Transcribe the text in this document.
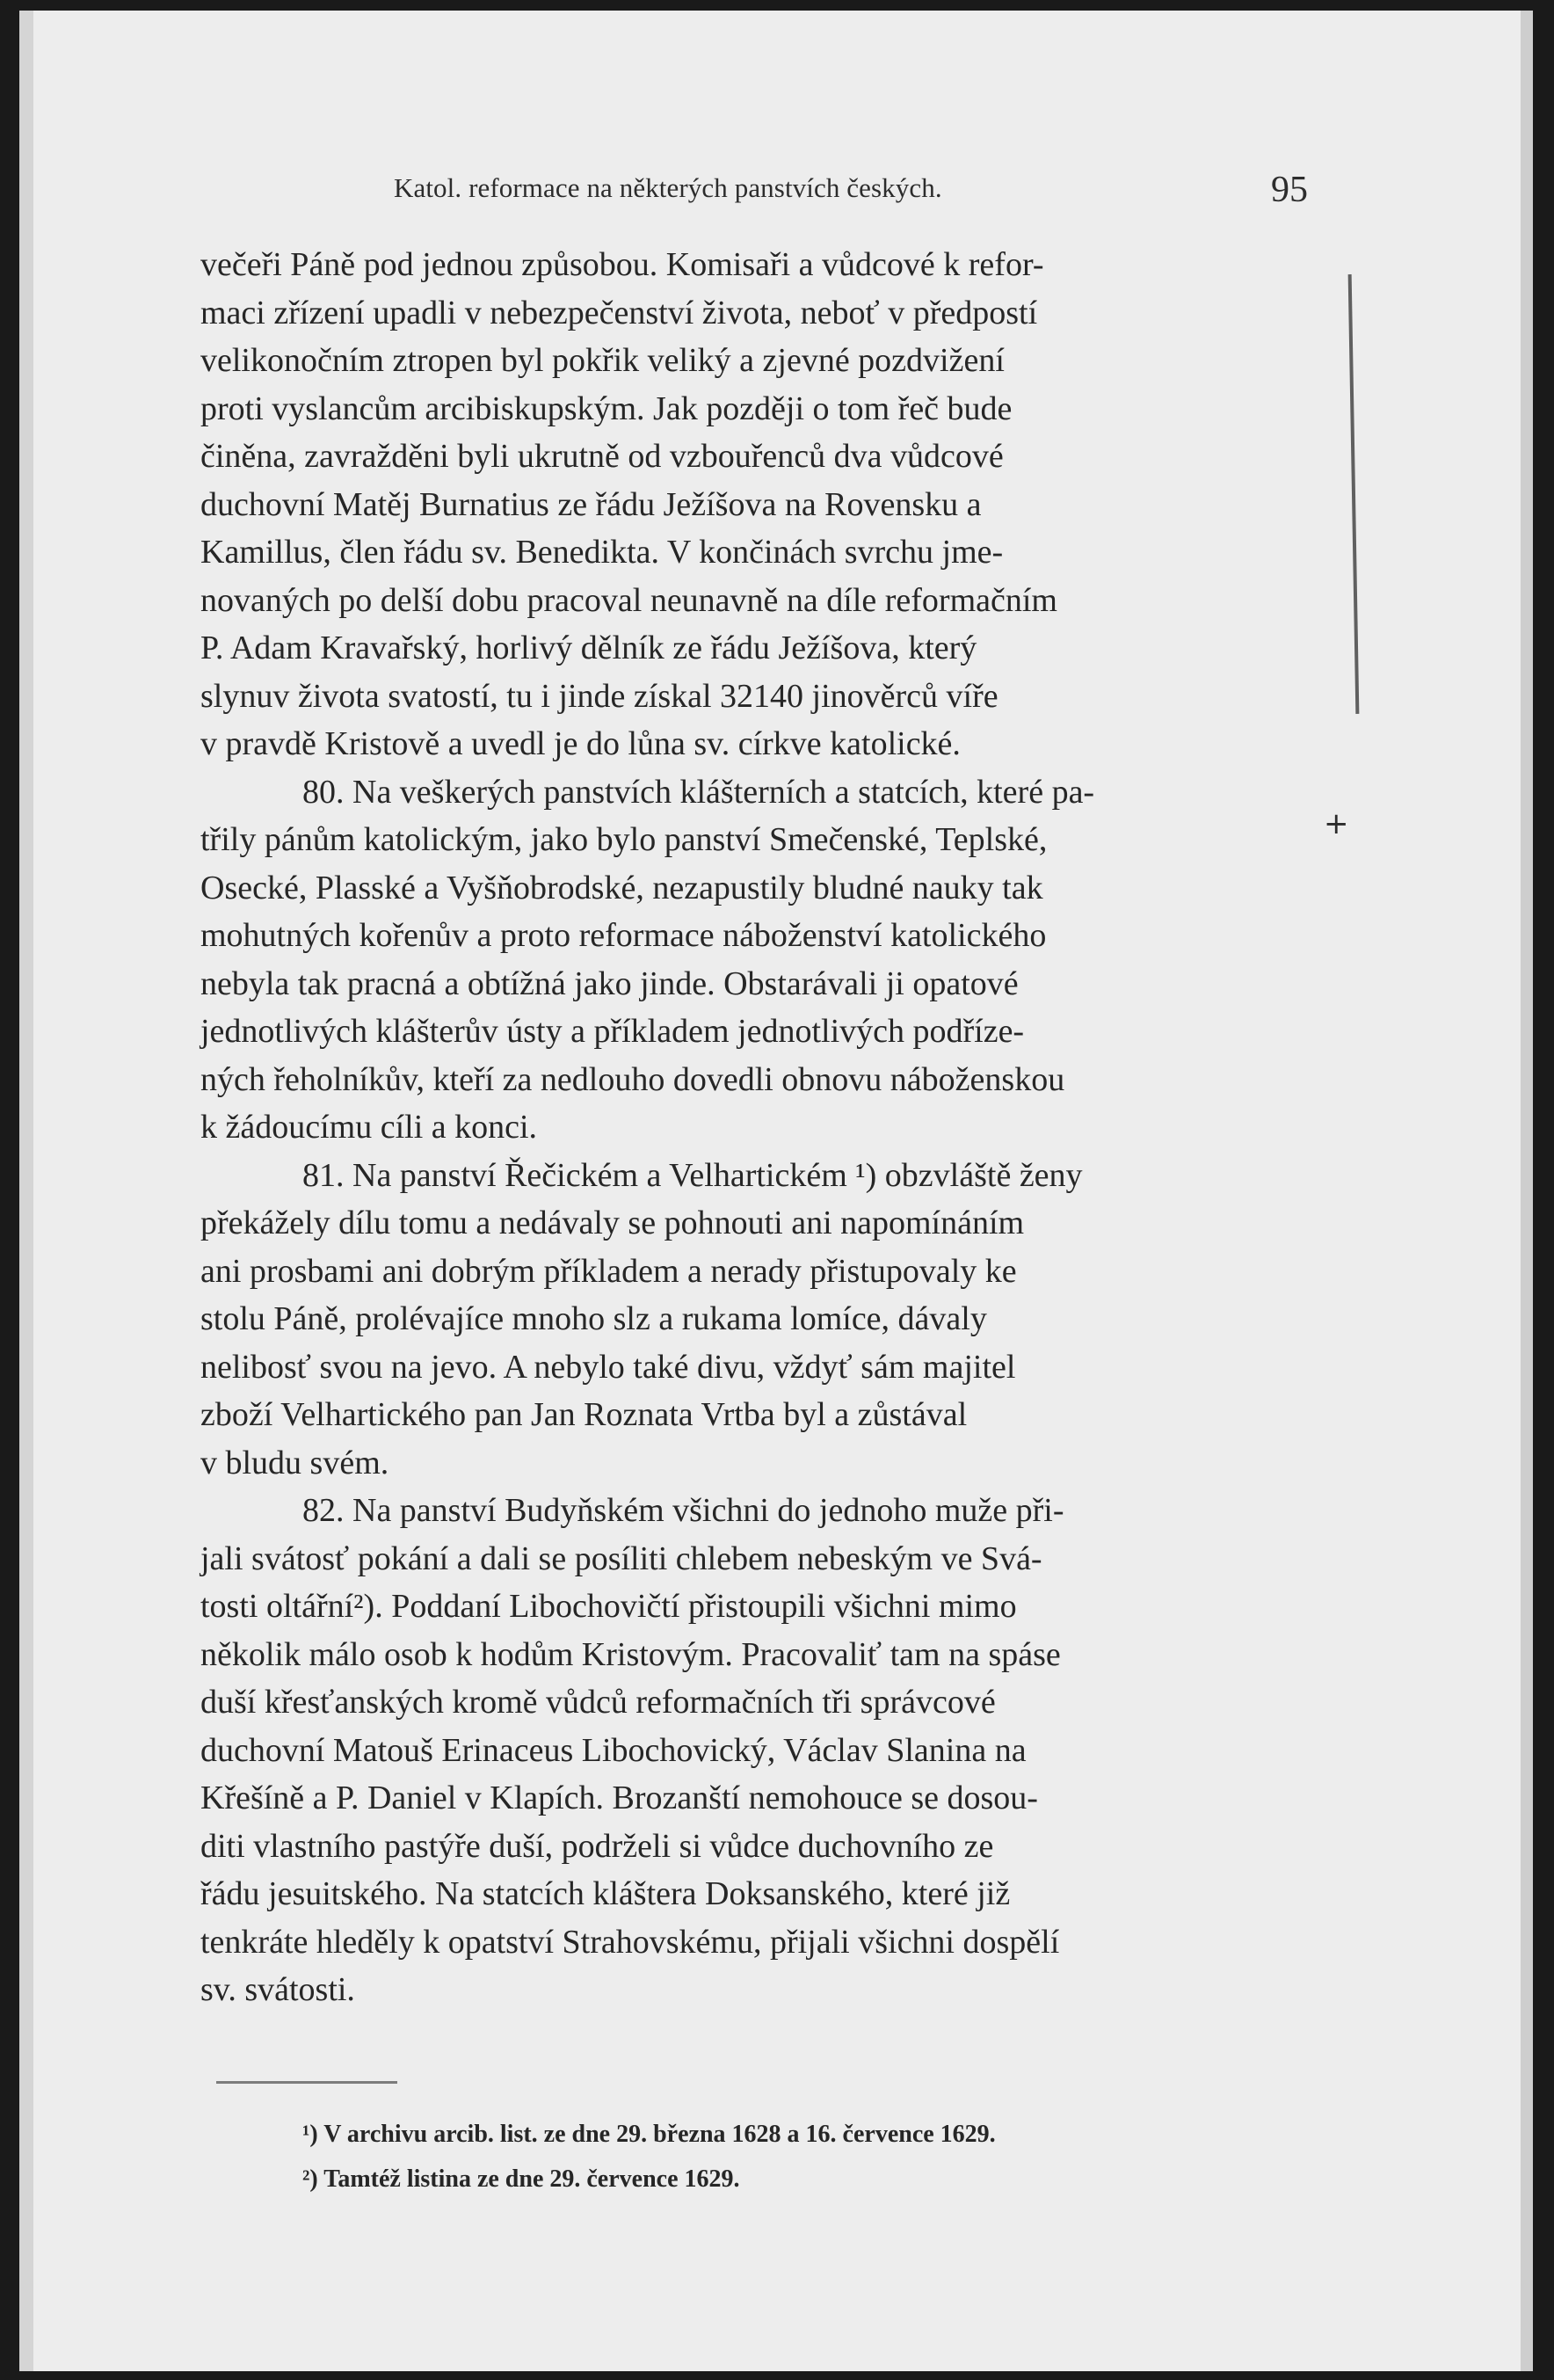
Katol. reformace na některých panstvích českých.	95
večeři Páně pod jednou způsobou. Komisaři a vůdcové k refor-
maci zřízení upadli v nebezpečenství života, neboť v předpostí
velikonočním ztropen byl pokřik veliký a zjevné pozdvižení
proti vyslancům arcibiskupským. Jak později o tom řeč bude
činěna, zavražděni byli ukrutně od vzbouřenců dva vůdcové
duchovní Matěj Burnatius ze řádu Ježíšova na Rovensku a
Kamillus, člen řádu sv. Benedikta. V končinách svrchu jme-
novaných po delší dobu pracoval neunavně na díle reformačním
P. Adam Kravařský, horlivý dělník ze řádu Ježíšova, který
slynuv života svatostí, tu i jinde získal 32140 jinověrců víře
v pravdě Kristově a uvedl je do lůna sv. církve katolické.
80. Na veškerých panstvích klášterních a statcích, které pa-
třily pánům katolickým, jako bylo panství Smečenské, Teplské,
Osecké, Plasské a Vyšňobrodské, nezapustily bludné nauky tak
mohutných kořenův a proto reformace náboženství katolického
nebyla tak pracná a obtížná jako jinde. Obstarávali ji opatové
jednotlivých klášterův ústy a příkladem jednotlivých podříze-
ných řeholníkův, kteří za nedlouho dovedli obnovu náboženskou
k žádoucímu cíli a konci.
81. Na panství Řečickém a Velhartickém ¹) obzvláště ženy
překážely dílu tomu a nedávaly se pohnouti ani napomínáním
ani prosbami ani dobrým příkladem a nerady přistupovaly ke
stolu Páně, prolévajíce mnoho slz a rukama lomíce, dávaly
nelibosť svou na jevo. A nebylo také divu, vždyť sám majitel
zboží Velhartického pan Jan Roznata Vrtba byl a zůstával
v bludu svém.
82. Na panství Budyňském všichni do jednoho muže při-
jali svátosť pokání a dali se posíliti chlebem nebeským ve Svá-
tosti oltářní²). Poddaní Libochovičtí přistoupili všichni mimo
několik málo osob k hodům Kristovým. Pracovaliť tam na spáse
duší křesťanských kromě vůdců reformačních tři správcové
duchovní Matouš Erinaceus Libochovický, Václav Slanina na
Křešíně a P. Daniel v Klapích. Brozanští nemohouce se dosou-
diti vlastního pastýře duší, podrželi si vůdce duchovního ze
řádu jesuitského. Na statcích kláštera Doksanského, které již
tenkráte hleděly k opatství Strahovskému, přijali všichni dospělí
sv. svátosti.
¹) V archivu arcib. list. ze dne 29. března 1628 a 16. července 1629.
²) Tamtéž listina ze dne 29. července 1629.
+
